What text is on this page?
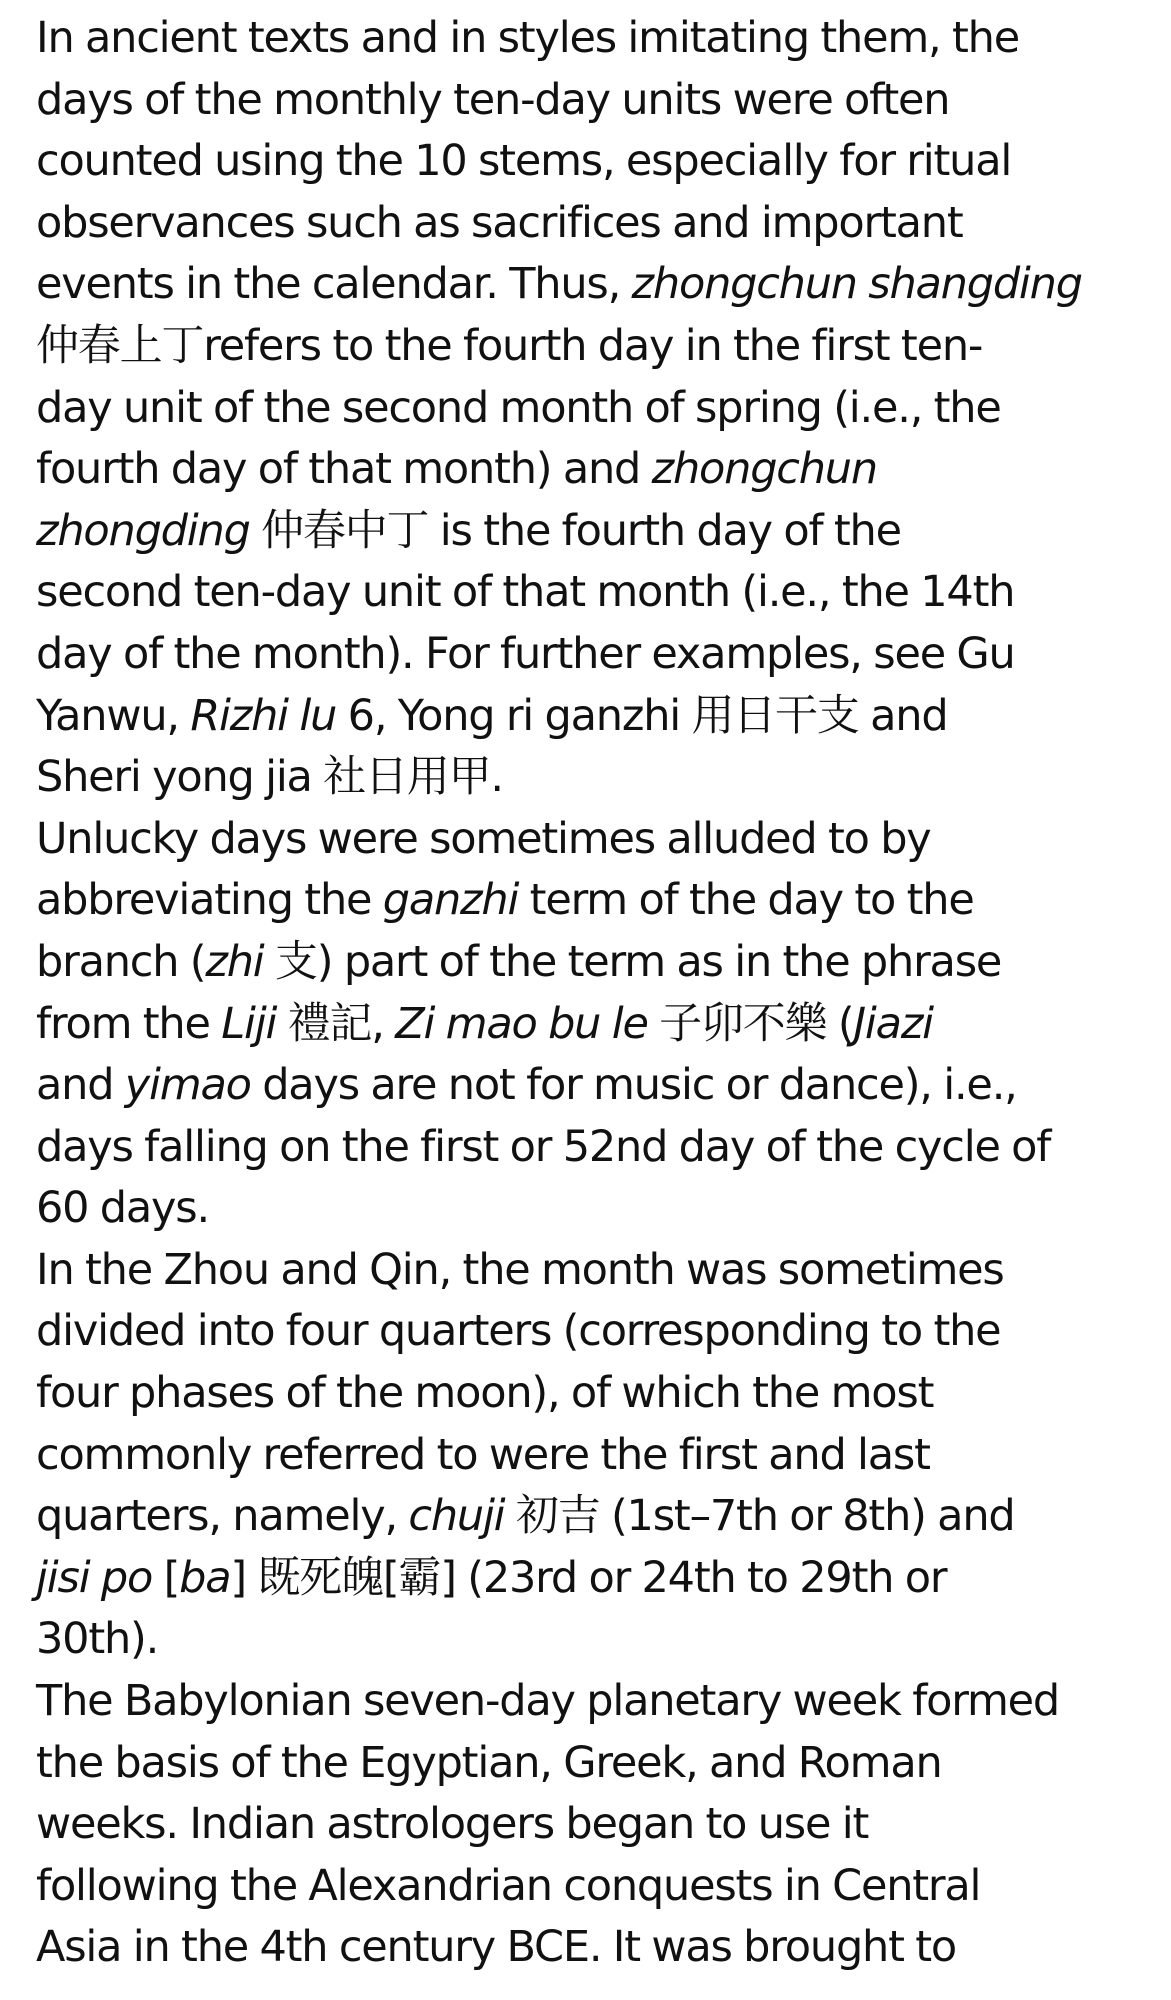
In ancient texts and in styles imitating them, the
days of the monthly ten-day units were often
counted using the 10 stems, especially for ritual
observances such as sacrifices and important
events in the calendar. Thus, zhongchun shangding
仲春上丁refers to the fourth day in the first ten-
day unit of the second month of spring (i.e., the
fourth day of that month) and zhongchun
zhongding 仲春中丁 is the fourth day of the
second ten-day unit of that month (i.e., the 14th
day of the month). For further examples, see Gu
Yanwu, Rizhi lu 6, Yong ri ganzhi 用日干支 and
Sheri yong jia 社日用甲.
Unlucky days were sometimes alluded to by
abbreviating the ganzhi term of the day to the
branch (zhi 支) part of the term as in the phrase
from the Liji 禮記, Zi mao bu le 子卯不樂 (Jiazi
and yimao days are not for music or dance), i.e.,
days falling on the first or 52nd day of the cycle of
60 days.
In the Zhou and Qin, the month was sometimes
divided into four quarters (corresponding to the
four phases of the moon), of which the most
commonly referred to were the first and last
quarters, namely, chuji 初吉 (1st–7th or 8th) and
jisi po [ba] 既死魄[霸] (23rd or 24th to 29th or
30th).
The Babylonian seven-day planetary week formed
the basis of the Egyptian, Greek, and Roman
weeks. Indian astrologers began to use it
following the Alexandrian conquests in Central
Asia in the 4th century BCE. It was brought to
